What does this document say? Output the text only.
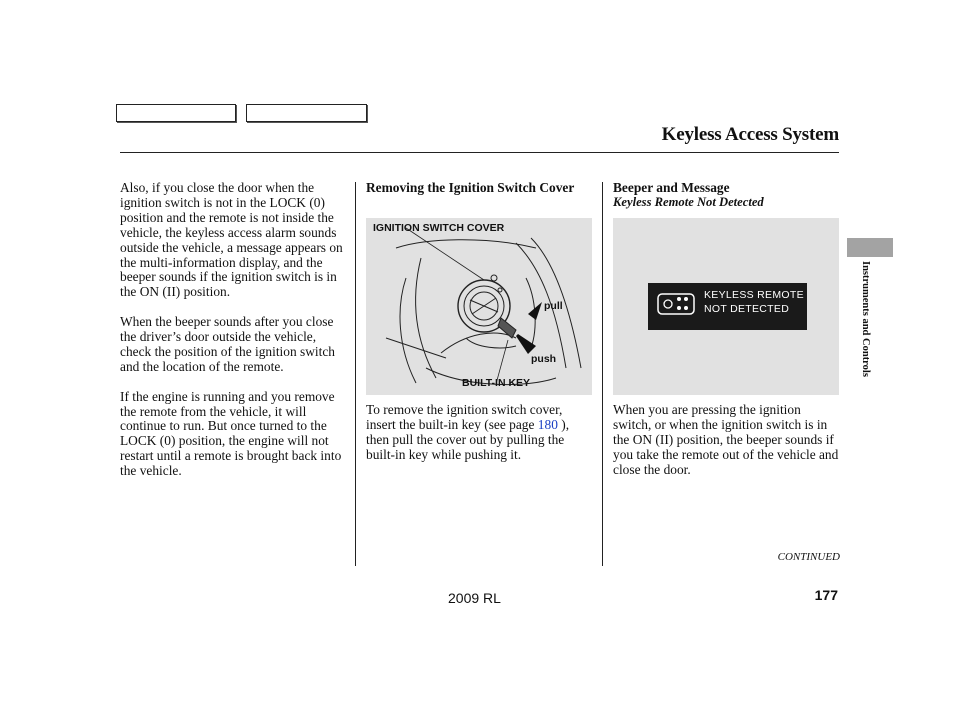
Keyless Access System

Also, if you close the door when the ignition switch is not in the LOCK (0) position and the remote is not inside the vehicle, the keyless access alarm sounds outside the vehicle, a message appears on the multi-information display, and the beeper sounds if the ignition switch is in the ON (II) position.

When the beeper sounds after you close the driver’s door outside the vehicle, check the position of the ignition switch and the location of the remote.

If the engine is running and you remove the remote from the vehicle, it will continue to run. But once turned to the LOCK (0) position, the engine will not restart until a remote is brought back into the vehicle.

Removing the Ignition Switch Cover
IGNITION SWITCH COVER
pull
push
BUILT-IN KEY
To remove the ignition switch cover, insert the built-in key (see page 180 ), then pull the cover out by pulling the built-in key while pushing it.
Beeper and Message
Keyless Remote Not Detected
KEYLESS REMOTE
NOT DETECTED
When you are pressing the ignition switch, or when the ignition switch is in the ON (II) position, the beeper sounds if you take the remote out of the vehicle and close the door.
Instruments and Controls
CONTINUED
2009 RL	177
